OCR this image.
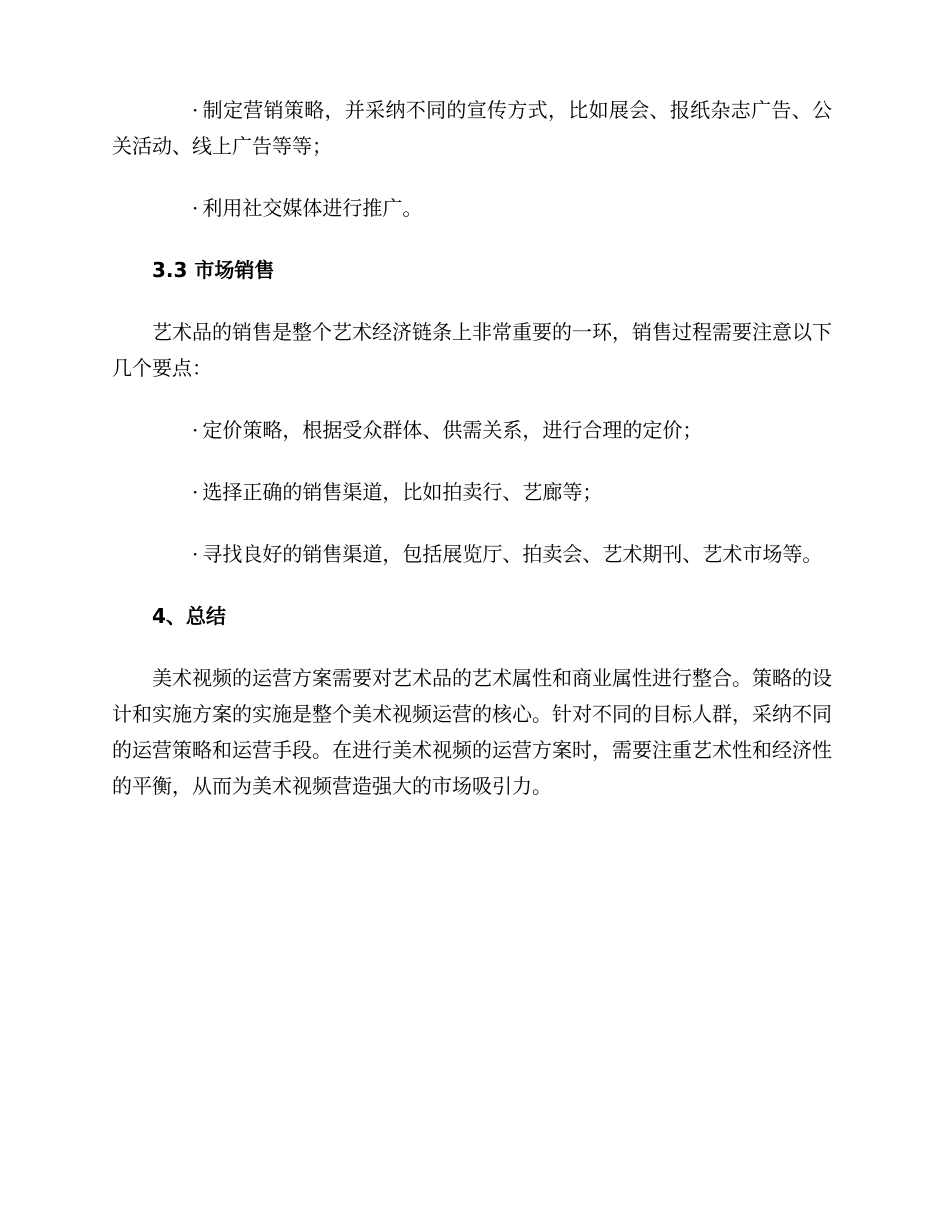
· 制定营销策略，并采纳不同的宣传方式，比如展会、报纸杂志广告、公关活动、线上广告等等；

· 利用社交媒体进行推广。

3.3 市场销售

艺术品的销售是整个艺术经济链条上非常重要的一环，销售过程需要注意以下几个要点：

· 定价策略，根据受众群体、供需关系，进行合理的定价；

· 选择正确的销售渠道，比如拍卖行、艺廊等；

· 寻找良好的销售渠道，包括展览厅、拍卖会、艺术期刊、艺术市场等。

4、总结

美术视频的运营方案需要对艺术品的艺术属性和商业属性进行整合。策略的设计和实施方案的实施是整个美术视频运营的核心。针对不同的目标人群，采纳不同的运营策略和运营手段。在进行美术视频的运营方案时，需要注重艺术性和经济性的平衡，从而为美术视频营造强大的市场吸引力。
